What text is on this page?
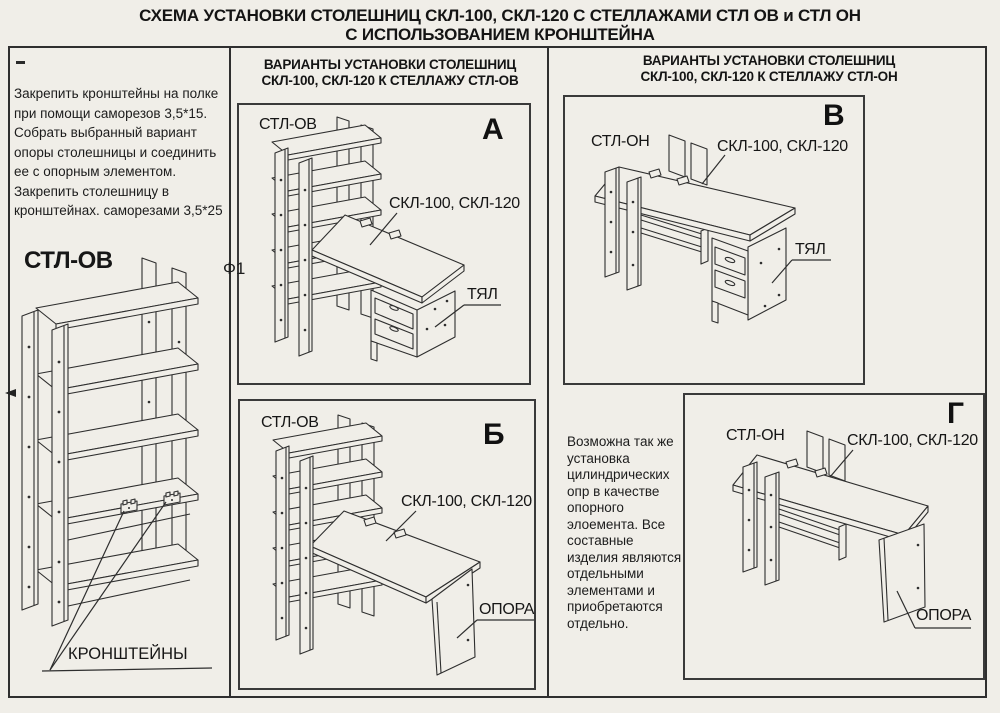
СХЕМА УСТАНОВКИ СТОЛЕШНИЦ СКЛ-100, СКЛ-120 С СТЕЛЛАЖАМИ СТЛ ОВ и СТЛ ОН
С ИСПОЛЬЗОВАНИЕМ КРОНШТЕЙНА
Закрепить кронштейны на полке при помощи саморезов 3,5*15. Собрать выбранный вариант опоры столешницы и соединить ее с опорным элементом. Закрепить столешницу в кронштейнах. саморезами 3,5*25
СТЛ-ОВ	Ф1
КРОНШТЕЙНЫ
ВАРИАНТЫ УСТАНОВКИ СТОЛЕШНИЦ
СКЛ-100, СКЛ-120 К СТЕЛЛАЖУ СТЛ-ОВ
СТЛ-ОВ	А
СКЛ-100, СКЛ-120
ТЯЛ
СТЛ-ОВ	Б
СКЛ-100, СКЛ-120
ОПОРА
ВАРИАНТЫ УСТАНОВКИ СТОЛЕШНИЦ
СКЛ-100, СКЛ-120 К СТЕЛЛАЖУ СТЛ-ОН
СТЛ-ОН
В
СКЛ-100, СКЛ-120
ТЯЛ
Возможна так же установка цилиндрических опр в качестве опорного элоемента. Все составные изделия являются отдельными элементами и приобретаются отдельно.
СТЛ-ОН
Г
СКЛ-100, СКЛ-120
ОПОРА
